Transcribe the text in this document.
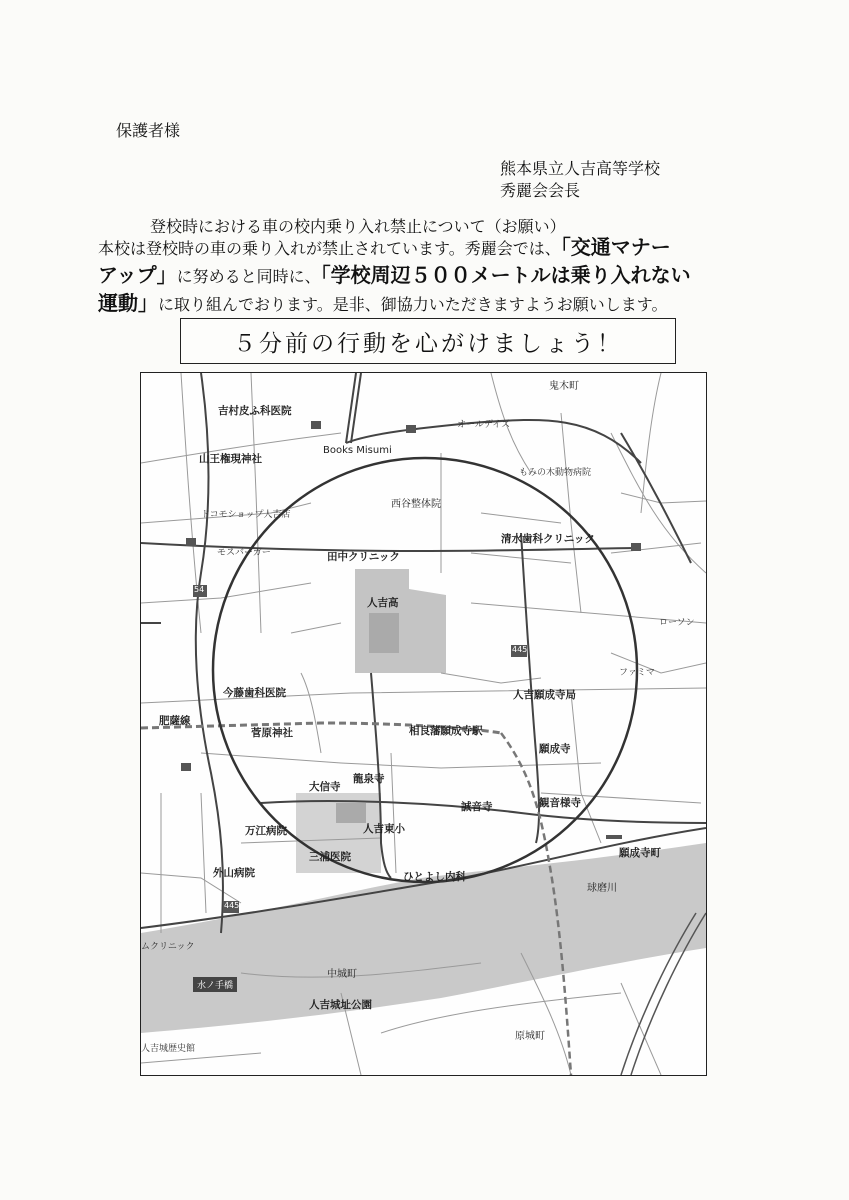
保護者様
熊本県立人吉高等学校
秀麗会会長
登校時における車の校内乗り入れ禁止について（お願い）
本校は登校時の車の乗り入れが禁止されています。秀麗会では、「交通マナー
アップ」に努めると同時に、「学校周辺５００メートルは乗り入れない
運動」に取り組んでおります。是非、御協力いただきますようお願いします。
５分前の行動を心がけましょう！
鬼木町
吉村皮ふ科医院
オールデイズ
山王権現神社
Books Misumi
もみの木動物病院
西谷整体院
ドコモショップ人吉店
モスバーガー	田中クリニック
清水歯科クリニック
54
人吉高
ローソン
445
ファミマ
今藤歯科医院	人吉願成寺局
肥薩線
菅原神社	相良藩願成寺駅
願成寺
大信寺
龍泉寺
観音様寺
誠音寺
万江病院	人吉東小
三浦医院	願成寺町
外山病院	ひとよし内科
球磨川
445
ムクリニック
水ノ手橋
中城町
人吉城址公園
原城町
人吉城歴史館
